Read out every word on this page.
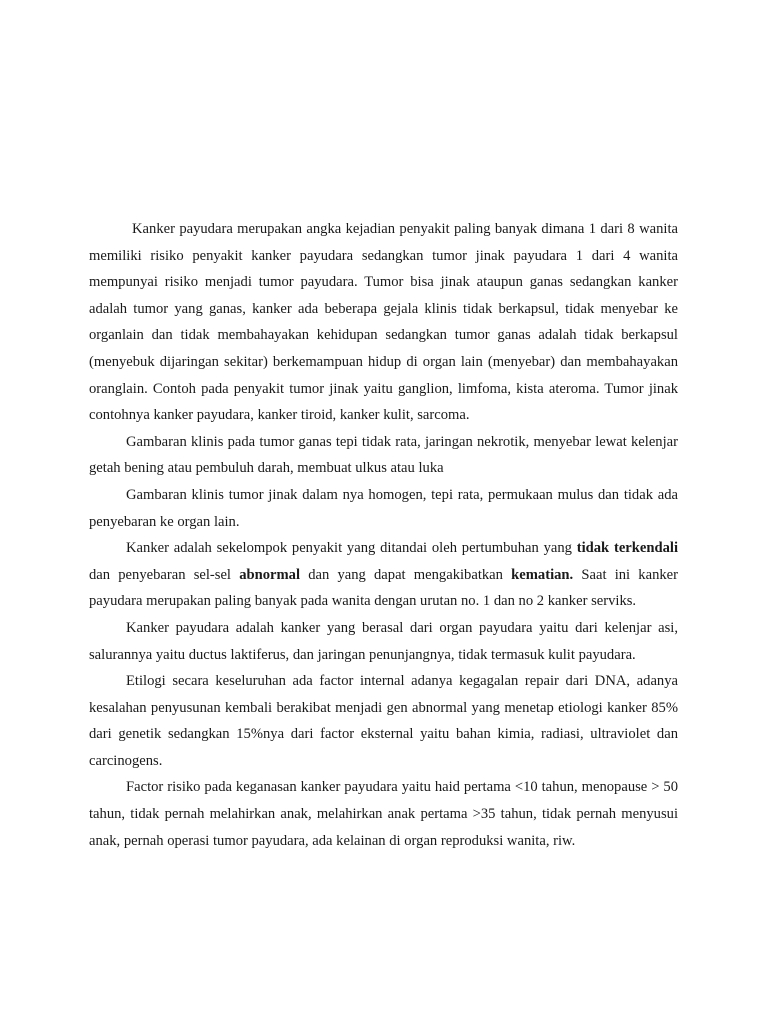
Kanker payudara merupakan angka kejadian penyakit paling banyak dimana 1 dari 8 wanita memiliki risiko penyakit kanker payudara sedangkan tumor jinak payudara 1 dari 4 wanita mempunyai risiko menjadi tumor payudara. Tumor bisa jinak ataupun ganas sedangkan kanker adalah tumor yang ganas, kanker ada beberapa gejala klinis tidak berkapsul, tidak menyebar ke organlain dan tidak membahayakan kehidupan sedangkan tumor ganas adalah tidak berkapsul (menyebuk dijaringan sekitar) berkemampuan hidup di organ lain (menyebar) dan membahayakan oranglain. Contoh pada penyakit tumor jinak yaitu ganglion, limfoma, kista ateroma. Tumor jinak contohnya kanker payudara, kanker tiroid, kanker kulit, sarcoma.

Gambaran klinis pada tumor ganas tepi tidak rata, jaringan nekrotik, menyebar lewat kelenjar getah bening atau pembuluh darah, membuat ulkus atau luka

Gambaran klinis tumor jinak dalam nya homogen, tepi rata, permukaan mulus dan tidak ada penyebaran ke organ lain.

Kanker adalah sekelompok penyakit yang ditandai oleh pertumbuhan yang tidak terkendali dan penyebaran sel-sel abnormal dan yang dapat mengakibatkan kematian. Saat ini kanker payudara merupakan paling banyak pada wanita dengan urutan no. 1 dan no 2 kanker serviks.

Kanker payudara adalah kanker yang berasal dari organ payudara yaitu dari kelenjar asi, salurannya yaitu ductus laktiferus, dan jaringan penunjangnya, tidak termasuk kulit payudara.

Etilogi secara keseluruhan ada factor internal adanya kegagalan repair dari DNA, adanya kesalahan penyusunan kembali berakibat menjadi gen abnormal yang menetap etiologi kanker 85% dari genetik sedangkan 15%nya dari factor eksternal yaitu bahan kimia, radiasi, ultraviolet dan carcinogens.

Factor risiko pada keganasan kanker payudara yaitu haid pertama <10 tahun, menopause > 50 tahun, tidak pernah melahirkan anak, melahirkan anak pertama >35 tahun, tidak pernah menyusui anak, pernah operasi tumor payudara, ada kelainan di organ reproduksi wanita, riw.
